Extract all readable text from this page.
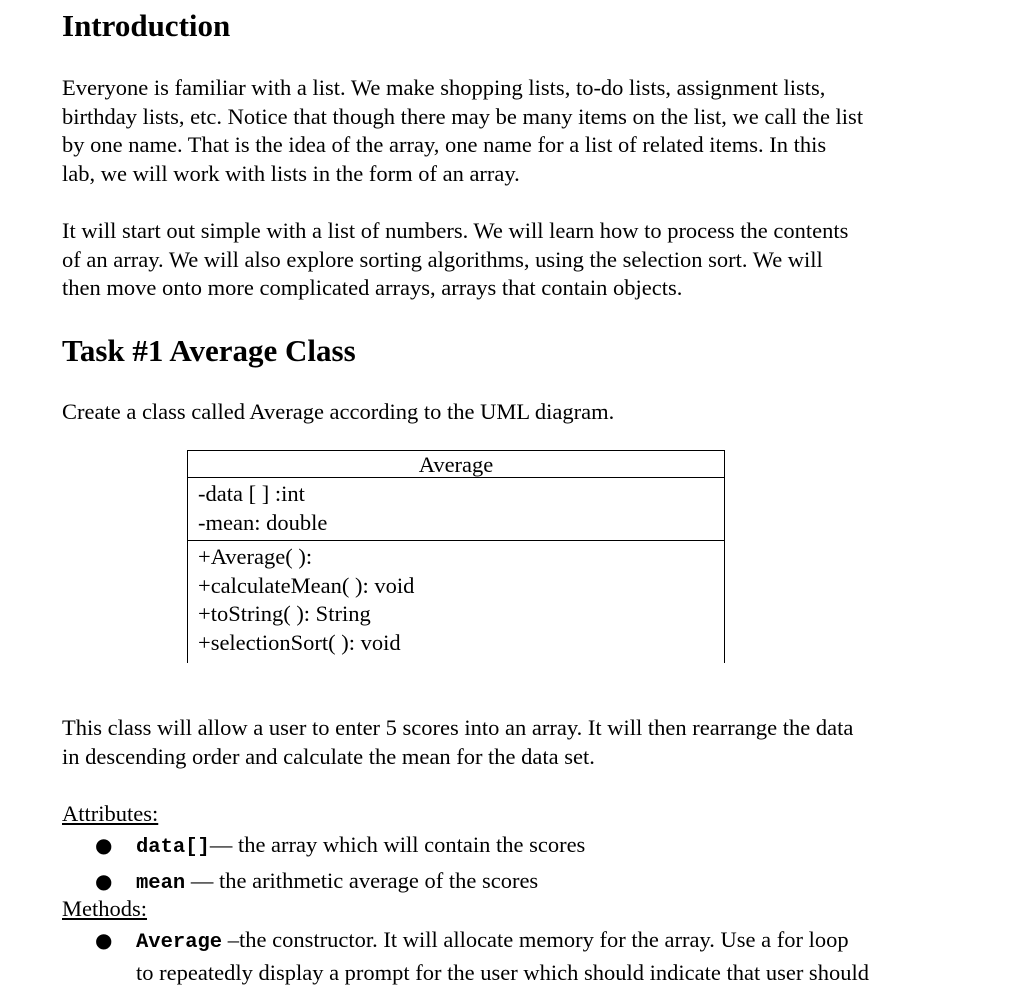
Introduction

Everyone is familiar with a list. We make shopping lists, to-do lists, assignment lists,
birthday lists, etc. Notice that though there may be many items on the list, we call the list
by one name. That is the idea of the array, one name for a list of related items. In this
lab, we will work with lists in the form of an array.

It will start out simple with a list of numbers. We will learn how to process the contents
of an array. We will also explore sorting algorithms, using the selection sort. We will
then move onto more complicated arrays, arrays that contain objects.

Task #1 Average Class

Create a class called Average according to the UML diagram.

Average
-data [ ] :int
-mean: double
+Average( ):
+calculateMean( ): void
+toString( ): String
+selectionSort( ): void

This class will allow a user to enter 5 scores into an array. It will then rearrange the data
in descending order and calculate the mean for the data set.

Attributes:
● data[]— the array which will contain the scores
● mean — the arithmetic average of the scores
Methods:
● Average –the constructor. It will allocate memory for the array. Use a for loop
to repeatedly display a prompt for the user which should indicate that user should
